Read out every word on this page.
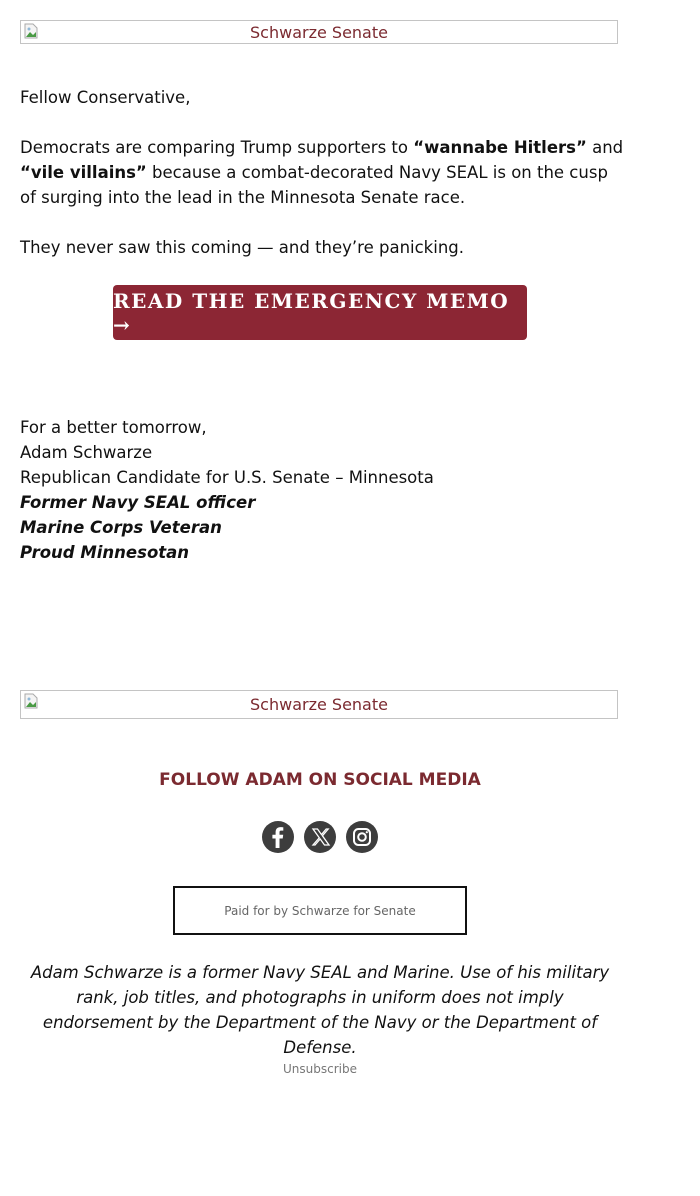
Schwarze Senate

Fellow Conservative,

Democrats are comparing Trump supporters to “wannabe Hitlers” and “vile villains” because a combat-decorated Navy SEAL is on the cusp of surging into the lead in the Minnesota Senate race.

They never saw this coming — and they’re panicking.

READ THE EMERGENCY MEMO →
For a better tomorrow,
Adam Schwarze
Republican Candidate for U.S. Senate – Minnesota
Former Navy SEAL officer
Marine Corps Veteran
Proud Minnesotan
Schwarze Senate
FOLLOW ADAM ON SOCIAL MEDIA
Paid for by Schwarze for Senate
Adam Schwarze is a former Navy SEAL and Marine. Use of his military rank, job titles, and photographs in uniform does not imply endorsement by the Department of the Navy or the Department of Defense.
Unsubscribe
